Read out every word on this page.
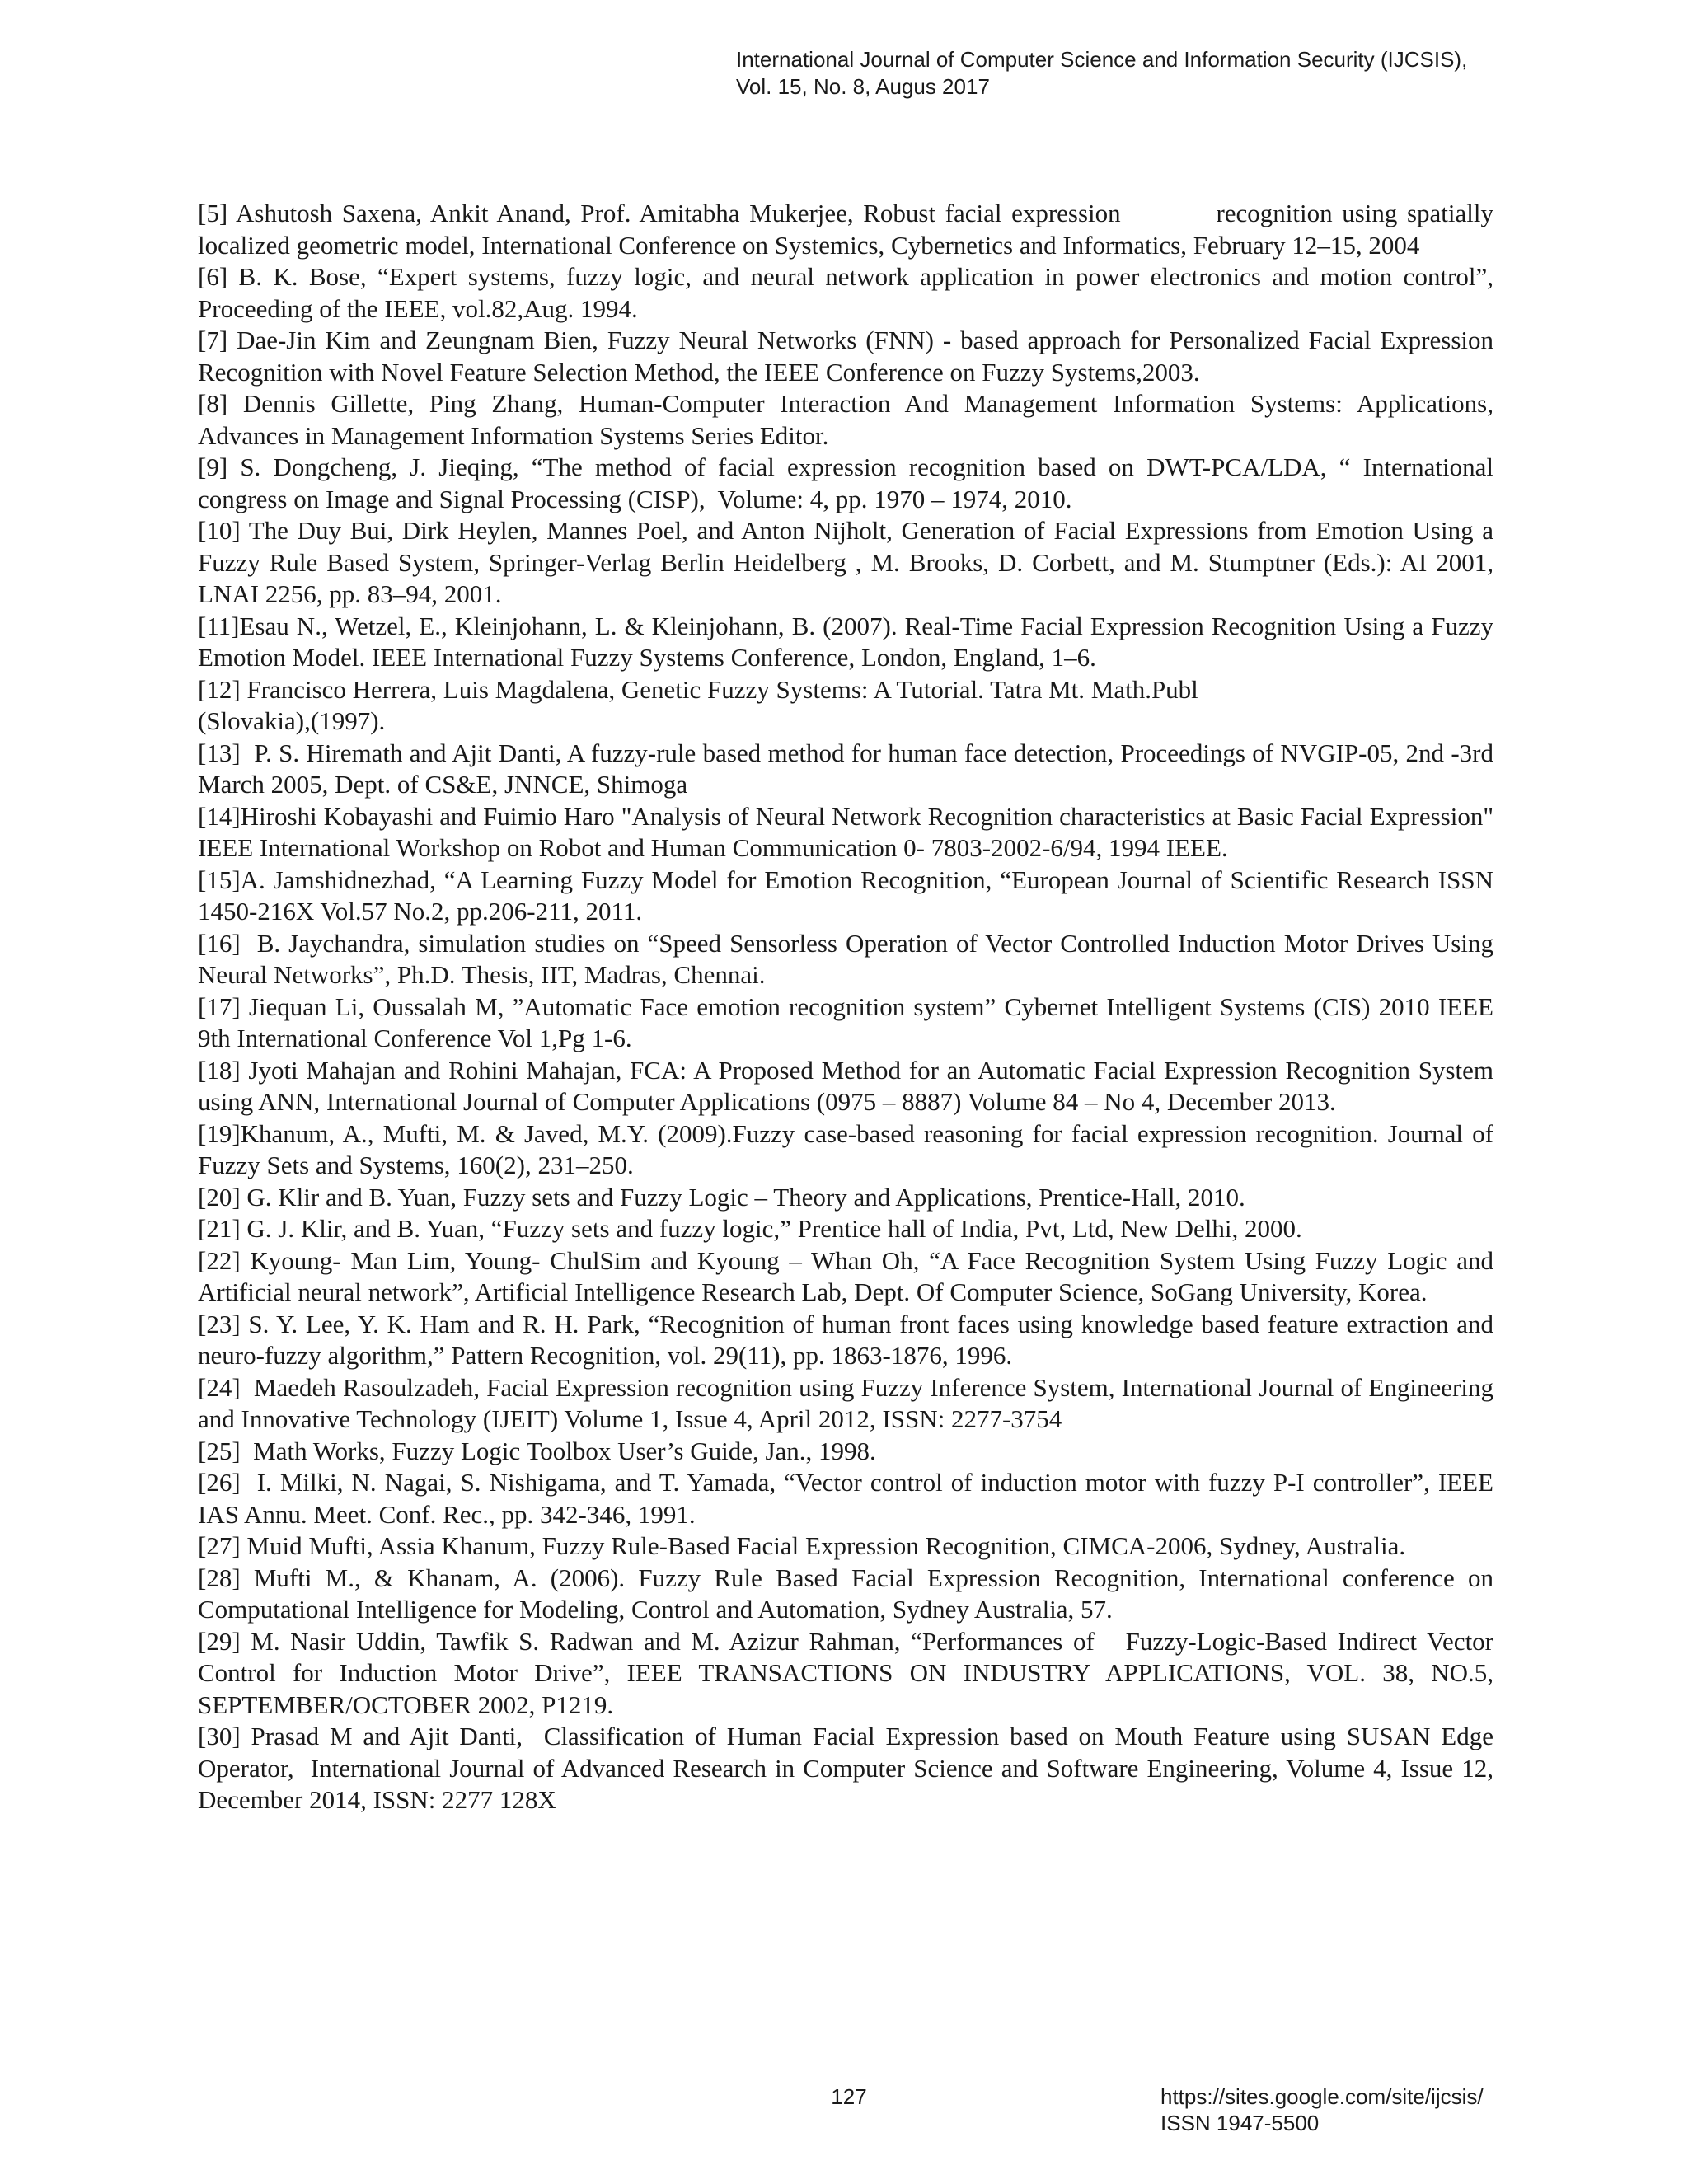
International Journal of Computer Science and Information Security (IJCSIS),
Vol. 15, No. 8, Augus 2017

[5] Ashutosh Saxena, Ankit Anand, Prof. Amitabha Mukerjee, Robust facial expression          recognition using spatially localized geometric model, International Conference on Systemics, Cybernetics and Informatics, February 12–15, 2004

[6] B. K. Bose, “Expert systems, fuzzy logic, and neural network application in power electronics and motion control”, Proceeding of the IEEE, vol.82,Aug. 1994.

[7] Dae-Jin Kim and Zeungnam Bien, Fuzzy Neural Networks (FNN) - based approach for Personalized Facial Expression Recognition with Novel Feature Selection Method, the IEEE Conference on Fuzzy Systems,2003.

[8] Dennis Gillette, Ping Zhang, Human-Computer Interaction And Management Information Systems: Applications, Advances in Management Information Systems Series Editor.

[9] S. Dongcheng, J. Jieqing, “The method of facial expression recognition based on DWT-PCA/LDA, “ International congress on Image and Signal Processing (CISP),  Volume: 4, pp. 1970 – 1974, 2010.

[10] The Duy Bui, Dirk Heylen, Mannes Poel, and Anton Nijholt, Generation of Facial Expressions from Emotion Using a Fuzzy Rule Based System, Springer-Verlag Berlin Heidelberg , M. Brooks, D. Corbett, and M. Stumptner (Eds.): AI 2001, LNAI 2256, pp. 83–94, 2001.

[11]Esau N., Wetzel, E., Kleinjohann, L. & Kleinjohann, B. (2007). Real-Time Facial Expression Recognition Using a Fuzzy Emotion Model. IEEE International Fuzzy Systems Conference, London, England, 1–6.

[12] Francisco Herrera, Luis Magdalena, Genetic Fuzzy Systems: A Tutorial. Tatra Mt. Math.Publ
(Slovakia),(1997).

[13]  P. S. Hiremath and Ajit Danti, A fuzzy-rule based method for human face detection, Proceedings of NVGIP-05, 2nd -3rd March 2005, Dept. of CS&E, JNNCE, Shimoga

[14]Hiroshi Kobayashi and Fuimio Haro "Analysis of Neural Network Recognition characteristics at Basic Facial Expression" IEEE International Workshop on Robot and Human Communication 0- 7803-2002-6/94, 1994 IEEE.

[15]A. Jamshidnezhad, “A Learning Fuzzy Model for Emotion Recognition, “European Journal of Scientific Research ISSN 1450-216X Vol.57 No.2, pp.206-211, 2011.

[16]  B. Jaychandra, simulation studies on “Speed Sensorless Operation of Vector Controlled Induction Motor Drives Using Neural Networks”, Ph.D. Thesis, IIT, Madras, Chennai.

[17] Jiequan Li, Oussalah M, ”Automatic Face emotion recognition system” Cybernet Intelligent Systems (CIS) 2010 IEEE 9th International Conference Vol 1,Pg 1-6.

[18] Jyoti Mahajan and Rohini Mahajan, FCA: A Proposed Method for an Automatic Facial Expression Recognition System using ANN, International Journal of Computer Applications (0975 – 8887) Volume 84 – No 4, December 2013.

[19]Khanum, A., Mufti, M. & Javed, M.Y. (2009).Fuzzy case-based reasoning for facial expression recognition. Journal of Fuzzy Sets and Systems, 160(2), 231–250.

[20] G. Klir and B. Yuan, Fuzzy sets and Fuzzy Logic – Theory and Applications, Prentice-Hall, 2010.

[21] G. J. Klir, and B. Yuan, “Fuzzy sets and fuzzy logic,” Prentice hall of India, Pvt, Ltd, New Delhi, 2000.

[22] Kyoung- Man Lim, Young- ChulSim and Kyoung – Whan Oh, “A Face Recognition System Using Fuzzy Logic and Artificial neural network”, Artificial Intelligence Research Lab, Dept. Of Computer Science, SoGang University, Korea.

[23] S. Y. Lee, Y. K. Ham and R. H. Park, “Recognition of human front faces using knowledge based feature extraction and neuro-fuzzy algorithm,” Pattern Recognition, vol. 29(11), pp. 1863-1876, 1996.

[24]  Maedeh Rasoulzadeh, Facial Expression recognition using Fuzzy Inference System, International Journal of Engineering and Innovative Technology (IJEIT) Volume 1, Issue 4, April 2012, ISSN: 2277-3754

[25]  Math Works, Fuzzy Logic Toolbox User’s Guide, Jan., 1998.

[26]  I. Milki, N. Nagai, S. Nishigama, and T. Yamada, “Vector control of induction motor with fuzzy P-I controller”, IEEE IAS Annu. Meet. Conf. Rec., pp. 342-346, 1991.

[27] Muid Mufti, Assia Khanum, Fuzzy Rule-Based Facial Expression Recognition, CIMCA-2006, Sydney, Australia.

[28] Mufti M., & Khanam, A. (2006). Fuzzy Rule Based Facial Expression Recognition, International conference on Computational Intelligence for Modeling, Control and Automation, Sydney Australia, 57.

[29] M. Nasir Uddin, Tawfik S. Radwan and M. Azizur Rahman, “Performances of   Fuzzy-Logic-Based Indirect Vector Control for Induction Motor Drive”, IEEE TRANSACTIONS ON INDUSTRY APPLICATIONS, VOL. 38, NO.5, SEPTEMBER/OCTOBER 2002, P1219.

[30] Prasad M and Ajit Danti,  Classification of Human Facial Expression based on Mouth Feature using SUSAN Edge Operator,  International Journal of Advanced Research in Computer Science and Software Engineering, Volume 4, Issue 12, December 2014, ISSN: 2277 128X

127	https://sites.google.com/site/ijcsis/
ISSN 1947-5500
